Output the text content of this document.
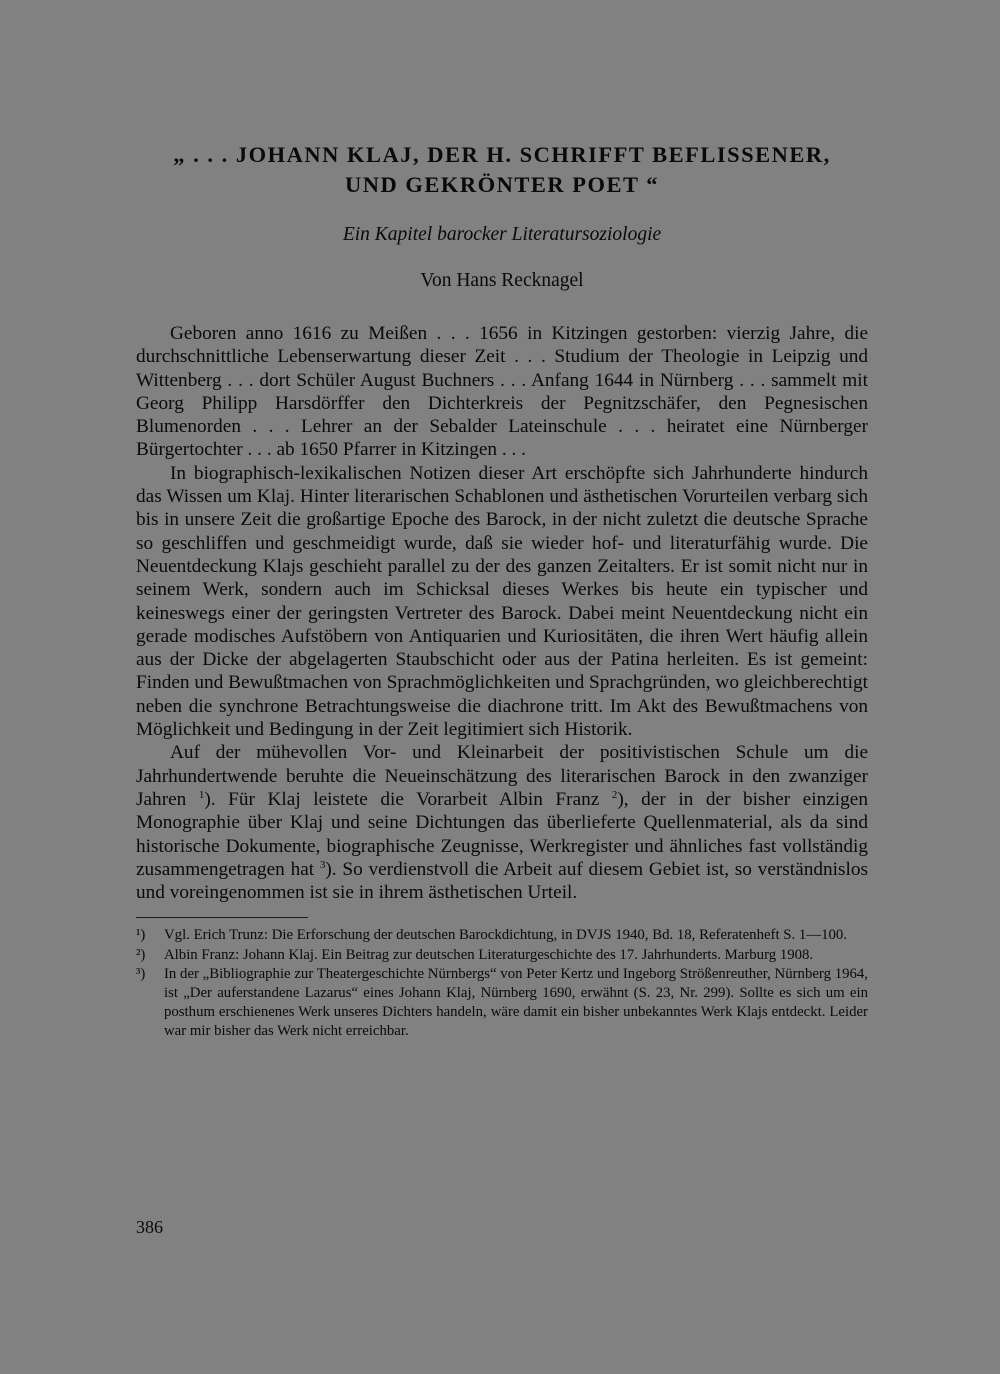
„ . . . JOHANN KLAJ, DER H. SCHRIFFT BEFLISSENER,
UND GEKRÖNTER POET “
Ein Kapitel barocker Literatursoziologie
Von Hans Recknagel

Geboren anno 1616 zu Meißen . . . 1656 in Kitzingen gestorben: vierzig Jahre, die durchschnittliche Lebenserwartung dieser Zeit . . . Studium der Theologie in Leipzig und Wittenberg . . . dort Schüler August Buchners . . . Anfang 1644 in Nürnberg . . . sammelt mit Georg Philipp Harsdörffer den Dichterkreis der Pegnitzschäfer, den Pegnesischen Blumenorden . . . Lehrer an der Sebalder Lateinschule . . . heiratet eine Nürnberger Bürgertochter . . . ab 1650 Pfarrer in Kitzingen . . .

In biographisch-lexikalischen Notizen dieser Art erschöpfte sich Jahrhunderte hindurch das Wissen um Klaj. Hinter literarischen Schablonen und ästhetischen Vorurteilen verbarg sich bis in unsere Zeit die großartige Epoche des Barock, in der nicht zuletzt die deutsche Sprache so geschliffen und geschmeidigt wurde, daß sie wieder hof- und literaturfähig wurde. Die Neuentdeckung Klajs geschieht parallel zu der des ganzen Zeitalters. Er ist somit nicht nur in seinem Werk, sondern auch im Schicksal dieses Werkes bis heute ein typischer und keineswegs einer der geringsten Vertreter des Barock. Dabei meint Neuentdeckung nicht ein gerade modisches Aufstöbern von Antiquarien und Kuriositäten, die ihren Wert häufig allein aus der Dicke der abgelagerten Staubschicht oder aus der Patina herleiten. Es ist gemeint: Finden und Bewußtmachen von Sprachmöglichkeiten und Sprachgründen, wo gleichberechtigt neben die synchrone Betrachtungsweise die diachrone tritt. Im Akt des Bewußtmachens von Möglichkeit und Bedingung in der Zeit legitimiert sich Historik.

Auf der mühevollen Vor- und Kleinarbeit der positivistischen Schule um die Jahrhundertwende beruhte die Neueinschätzung des literarischen Barock in den zwanziger Jahren $^1$). Für Klaj leistete die Vorarbeit Albin Franz $^2$), der in der bisher einzigen Monographie über Klaj und seine Dichtungen das überlieferte Quellenmaterial, als da sind historische Dokumente, biographische Zeugnisse, Werkregister und ähnliches fast vollständig zusammengetragen hat $^3$). So verdienstvoll die Arbeit auf diesem Gebiet ist, so verständnislos und voreingenommen ist sie in ihrem ästhetischen Urteil.

¹)	Vgl. Erich Trunz: Die Erforschung der deutschen Barockdichtung, in DVJS 1940, Bd. 18, Referatenheft S. 1—100.
²)	Albin Franz: Johann Klaj. Ein Beitrag zur deutschen Literaturgeschichte des 17. Jahrhunderts. Marburg 1908.
³)	In der „Bibliographie zur Theatergeschichte Nürnbergs“ von Peter Kertz und Ingeborg Strößenreuther, Nürnberg 1964, ist „Der auferstandene Lazarus“ eines Johann Klaj, Nürnberg 1690, erwähnt (S. 23, Nr. 299). Sollte es sich um ein posthum erschienenes Werk unseres Dichters handeln, wäre damit ein bisher unbekanntes Werk Klajs entdeckt. Leider war mir bisher das Werk nicht erreichbar.
386
